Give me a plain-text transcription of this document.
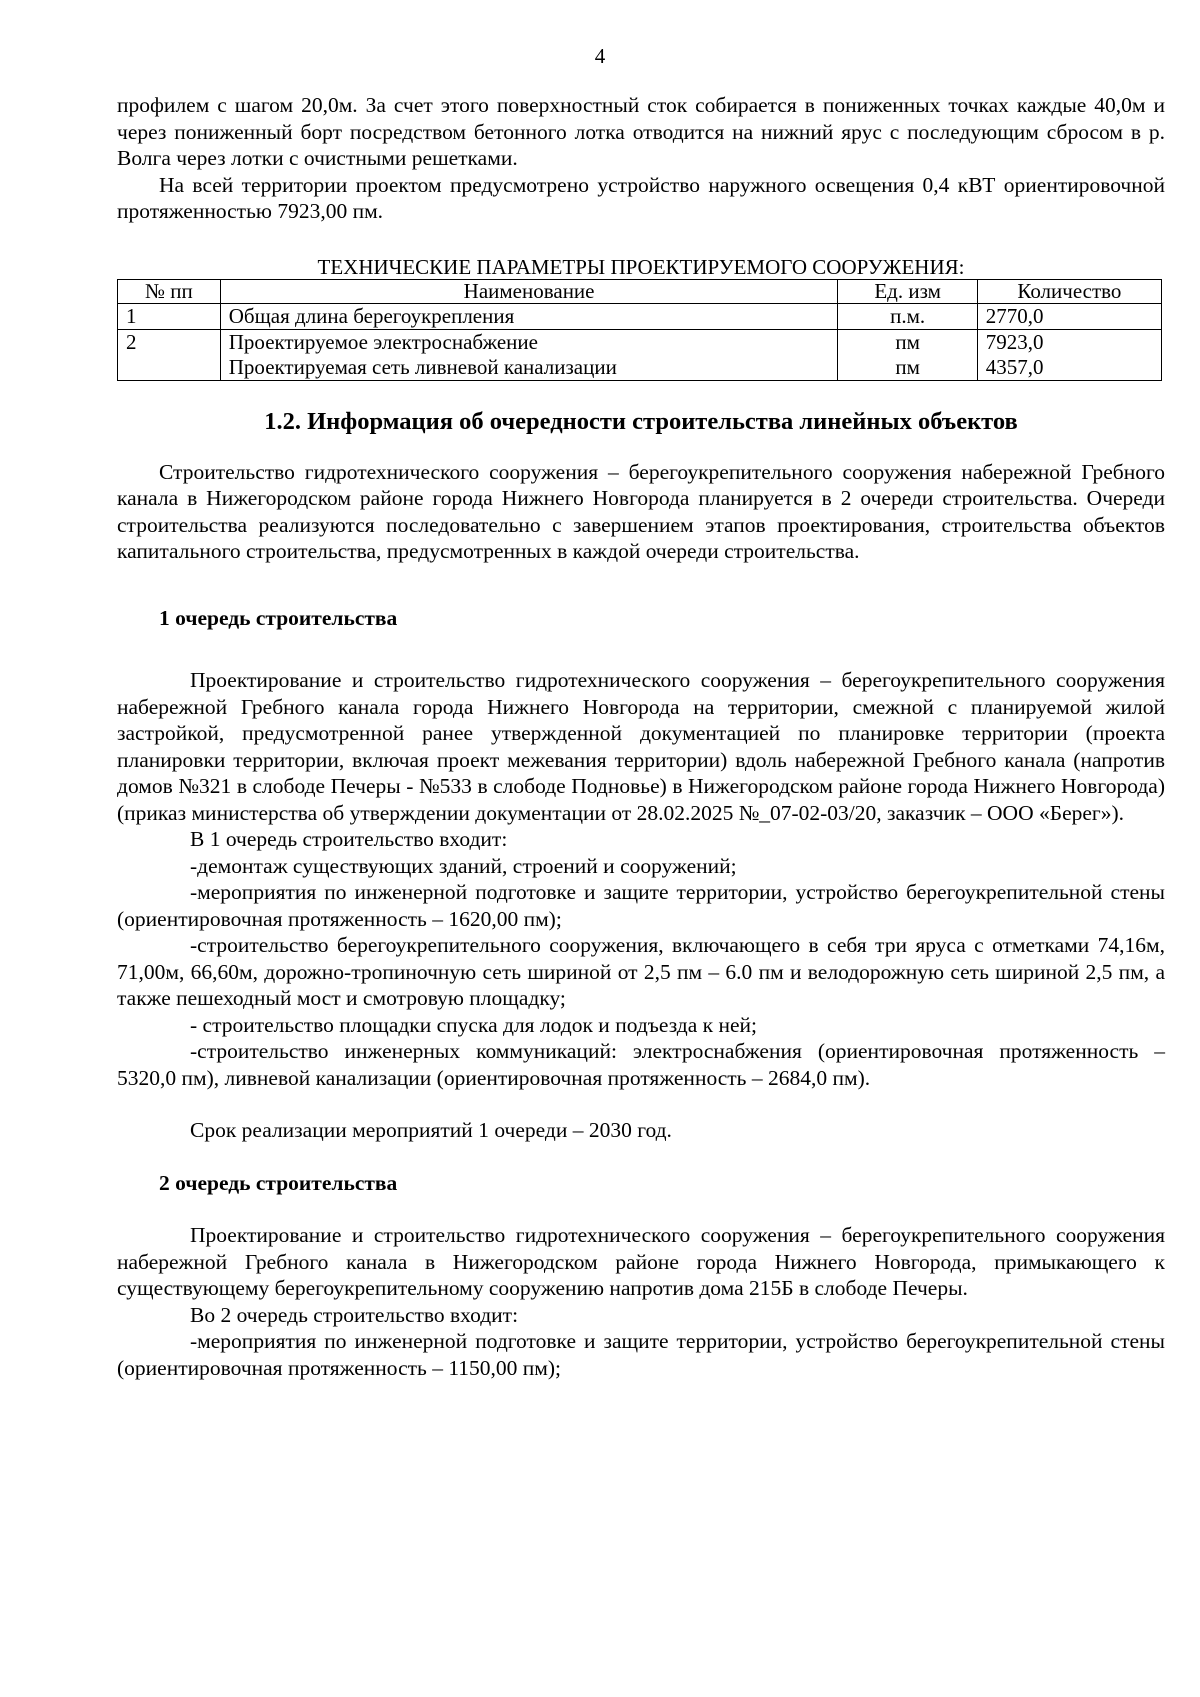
4

профилем с шагом 20,0м. За счет этого поверхностный сток собирается в пониженных точках каждые 40,0м и через пониженный борт посредством бетонного лотка отводится на нижний ярус с последующим сбросом в р. Волга через лотки с очистными решетками.

На всей территории проектом предусмотрено устройство наружного освещения 0,4 кВТ ориентировочной протяженностью 7923,00 пм.

ТЕХНИЧЕСКИЕ ПАРАМЕТРЫ ПРОЕКТИРУЕМОГО СООРУЖЕНИЯ:
№ пп	Наименование	Ед. изм	Количество
1	Общая длина берегоукрепления	п.м.	2770,0
2	Проектируемое электроснабжение	пм	7923,0
	Проектируемая сеть ливневой канализации	пм	4357,0
1.2. Информация об очередности строительства линейных объектов

Строительство гидротехнического сооружения – берегоукрепительного сооружения набережной Гребного канала в Нижегородском районе города Нижнего Новгорода планируется в 2 очереди строительства. Очереди строительства реализуются последовательно с завершением этапов проектирования, строительства объектов капитального строительства, предусмотренных в каждой очереди строительства.

1 очередь строительства

Проектирование и строительство гидротехнического сооружения – берегоукрепительного сооружения набережной Гребного канала города Нижнего Новгорода на территории, смежной с планируемой жилой застройкой, предусмотренной ранее утвержденной документацией по планировке территории (проекта планировки территории, включая проект межевания территории) вдоль набережной Гребного канала (напротив домов №321 в слободе Печеры - №533 в слободе Подновье) в Нижегородском районе города Нижнего Новгорода) (приказ министерства об утверждении документации от 28.02.2025 №_07-02-03/20, заказчик – ООО «Берег»).

В 1 очередь строительство входит:

-демонтаж существующих зданий, строений и сооружений;

-мероприятия по инженерной подготовке и защите территории, устройство берегоукрепительной стены (ориентировочная протяженность – 1620,00 пм);

-строительство берегоукрепительного сооружения, включающего в себя три яруса с отметками 74,16м, 71,00м, 66,60м, дорожно-тропиночную сеть шириной от 2,5 пм – 6.0 пм и велодорожную сеть шириной 2,5 пм, а также пешеходный мост и смотровую площадку;

- строительство площадки спуска для лодок и подъезда к ней;

-строительство инженерных коммуникаций: электроснабжения (ориентировочная протяженность – 5320,0 пм), ливневой канализации (ориентировочная протяженность – 2684,0 пм).

Срок реализации мероприятий 1 очереди – 2030 год.

2 очередь строительства

Проектирование и строительство гидротехнического сооружения – берегоукрепительного сооружения набережной Гребного канала в Нижегородском районе города Нижнего Новгорода, примыкающего к существующему берегоукрепительному сооружению напротив дома 215Б в слободе Печеры.

Во 2 очередь строительство входит:

-мероприятия по инженерной подготовке и защите территории, устройство берегоукрепительной стены (ориентировочная протяженность – 1150,00 пм);
